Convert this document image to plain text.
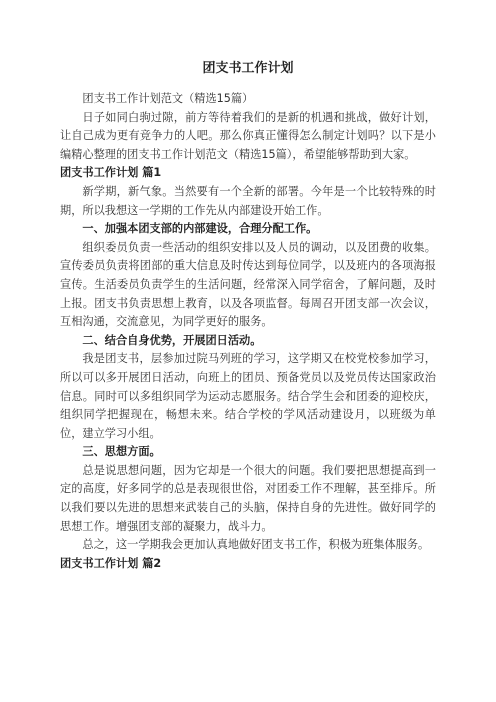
团支书工作计划

团支书工作计划范文（精选15篇）

日子如同白驹过隙，前方等待着我们的是新的机遇和挑战，做好计划，让自己成为更有竞争力的人吧。那么你真正懂得怎么制定计划吗？以下是小编精心整理的团支书工作计划范文（精选15篇），希望能够帮助到大家。

团支书工作计划 篇1

新学期，新气象。当然要有一个全新的部署。今年是一个比较特殊的时期，所以我想这一学期的工作先从内部建设开始工作。

一、加强本团支部的内部建设，合理分配工作。

组织委员负责一些活动的组织安排以及人员的调动，以及团费的收集。宣传委员负责将团部的重大信息及时传达到每位同学，以及班内的各项海报宣传。生活委员负责学生的生活问题，经常深入同学宿舍，了解问题，及时上报。团支书负责思想上教育，以及各项监督。每周召开团支部一次会议，互相沟通，交流意见，为同学更好的服务。

二、结合自身优势，开展团日活动。

我是团支书，层参加过院马列班的学习，这学期又在校党校参加学习，所以可以多开展团日活动，向班上的团员、预备党员以及党员传达国家政治信息。同时可以多组织同学为运动志愿服务。结合学生会和团委的迎校庆，组织同学把握现在，畅想未来。结合学校的学风活动建设月，以班级为单位，建立学习小组。

三、思想方面。

总是说思想问题，因为它却是一个很大的问题。我们要把思想提高到一定的高度，好多同学的总是表现很世俗，对团委工作不理解，甚至排斥。所以我们要以先进的思想来武装自己的头脑，保持自身的先进性。做好同学的思想工作。增强团支部的凝聚力，战斗力。

总之，这一学期我会更加认真地做好团支书工作，积极为班集体服务。

团支书工作计划 篇2
